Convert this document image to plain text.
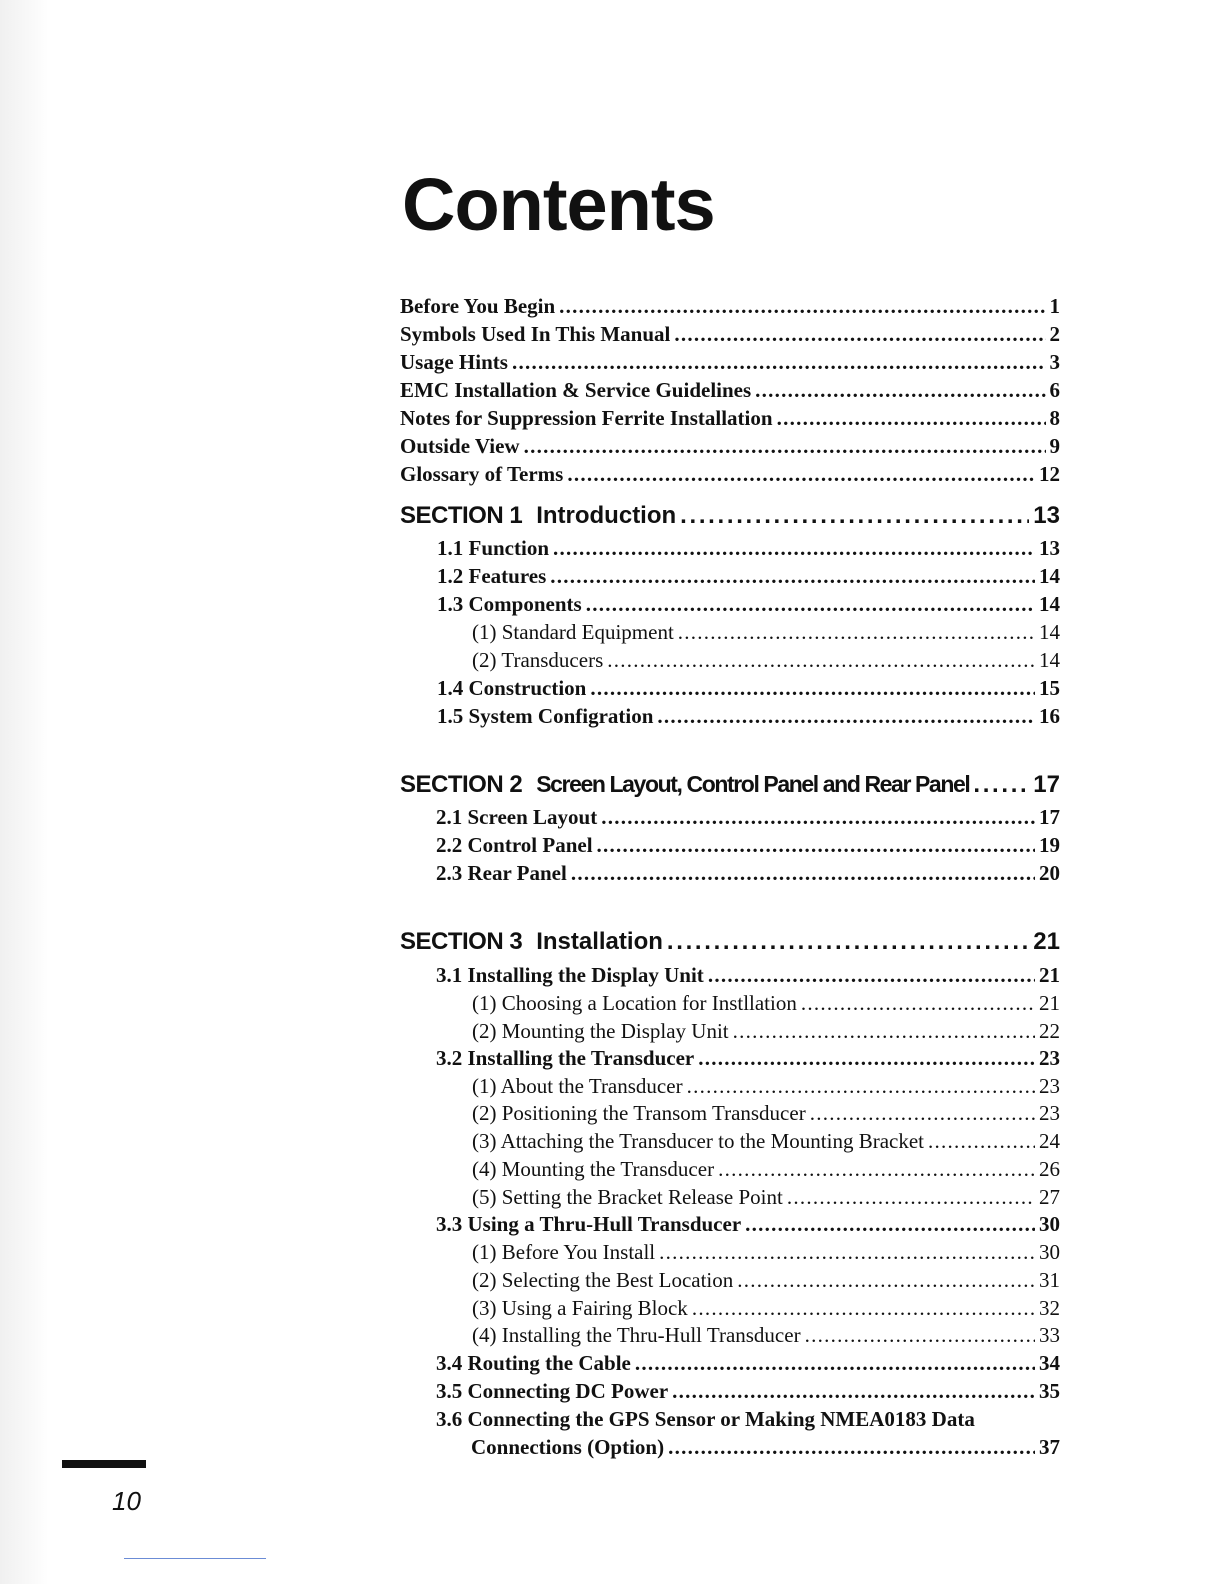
Contents
Before You Begin . . .	1
Symbols Used In This Manual . . .	2
Usage Hints . . .	3
EMC Installation & Service Guidelines . . .	6
Notes for Suppression Ferrite Installation . . .	8
Outside View . . .	9
Glossary of Terms . . .	12
SECTION 1 Introduction . . .	13
1.1 Function . . .	13
1.2 Features . . .	14
1.3 Components . . .	14
(1) Standard Equipment . . .	14
(2) Transducers . . .	14
1.4 Construction . . .	15
1.5 System Configration . . .	16
SECTION 2 Screen Layout, Control Panel and Rear Panel . . .	17
2.1 Screen Layout . . .	17
2.2 Control Panel . . .	19
2.3 Rear Panel . . .	20
SECTION 3 Installation . . .	21
3.1 Installing the Display Unit . . .	21
(1) Choosing a Location for Instllation . . .	21
(2) Mounting the Display Unit . . .	22
3.2 Installing the Transducer . . .	23
(1) About the Transducer . . .	23
(2) Positioning the Transom Transducer . . .	23
(3) Attaching the Transducer to the Mounting Bracket . . .	24
(4) Mounting the Transducer . . .	26
(5) Setting the Bracket Release Point . . .	27
3.3 Using a Thru-Hull Transducer . . .	30
(1) Before You Install . . .	30
(2) Selecting the Best Location . . .	31
(3) Using a Fairing Block . . .	32
(4) Installing the Thru-Hull Transducer . . .	33
3.4 Routing the Cable . . .	34
3.5 Connecting DC Power . . .	35
3.6 Connecting the GPS Sensor or Making NMEA0183 Data
Connections (Option) . . .	37
10
